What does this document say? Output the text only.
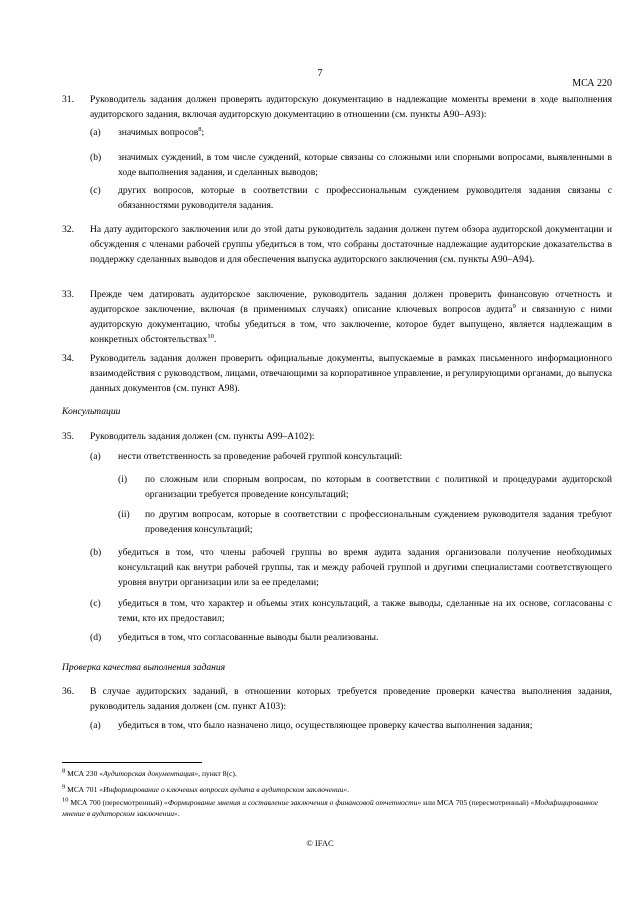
7
МСА 220
31. Руководитель задания должен проверять аудиторскую документацию в надлежащие моменты времени в ходе выполнения аудиторского задания, включая аудиторскую документацию в отношении (см. пункты А90–А93):
(a) значимых вопросов$^8$;
(b) значимых суждений, в том числе суждений, которые связаны со сложными или спорными вопросами, выявленными в ходе выполнения задания, и сделанных выводов;
(c) других вопросов, которые в соответствии с профессиональным суждением руководителя задания связаны с обязанностями руководителя задания.
32. На дату аудиторского заключения или до этой даты руководитель задания должен путем обзора аудиторской документации и обсуждения с членами рабочей группы убедиться в том, что собраны достаточные надлежащие аудиторские доказательства в поддержку сделанных выводов и для обеспечения выпуска аудиторского заключения (см. пункты А90–А94).
33. Прежде чем датировать аудиторское заключение, руководитель задания должен проверить финансовую отчетность и аудиторское заключение, включая (в применимых случаях) описание ключевых вопросов аудита$^9$ и связанную с ними аудиторскую документацию, чтобы убедиться в том, что заключение, которое будет выпущено, является надлежащим в конкретных обстоятельствах$^{10}$.
34. Руководитель задания должен проверить официальные документы, выпускаемые в рамках письменного информационного взаимодействия с руководством, лицами, отвечающими за корпоративное управление, и регулирующими органами, до выпуска данных документов (см. пункт А98).
Консультации
35. Руководитель задания должен (см. пункты А99–А102):
(a) нести ответственность за проведение рабочей группой консультаций:
(i) по сложным или спорным вопросам, по которым в соответствии с политикой и процедурами аудиторской организации требуется проведение консультаций;
(ii) по другим вопросам, которые в соответствии с профессиональным суждением руководителя задания требуют проведения консультаций;
(b) убедиться в том, что члены рабочей группы во время аудита задания организовали получение необходимых консультаций как внутри рабочей группы, так и между рабочей группой и другими специалистами соответствующего уровня внутри организации или за ее пределами;
(c) убедиться в том, что характер и объемы этих консультаций, а также выводы, сделанные на их основе, согласованы с теми, кто их предоставил;
(d) убедиться в том, что согласованные выводы были реализованы.
Проверка качества выполнения задания
36. В случае аудиторских заданий, в отношении которых требуется проведение проверки качества выполнения задания, руководитель задания должен (см. пункт А103):
(a) убедиться в том, что было назначено лицо, осуществляющее проверку качества выполнения задания;
$^8$ МСА 230 «Аудиторская документация», пункт 8(c).
$^9$ МСА 701 «Информирование о ключевых вопросах аудита в аудиторском заключении».
$^{10}$ МСА 700 (пересмотренный) «Формирование мнения и составление заключения о финансовой отчетности» или МСА 705 (пересмотренный) «Модифицированное мнение в аудиторском заключении».
© IFAC
